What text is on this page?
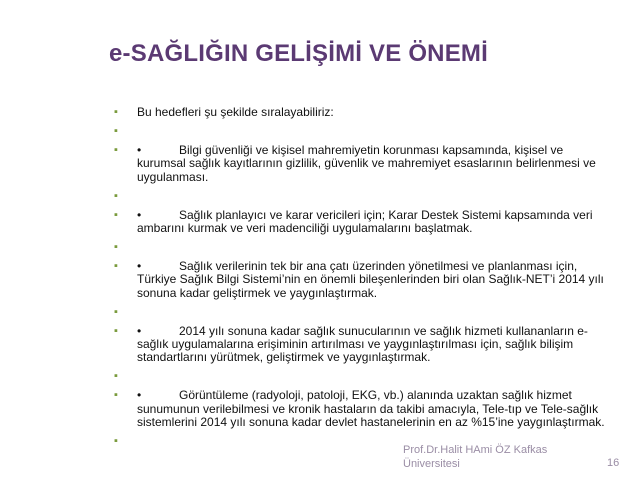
e-SAĞLIĞIN GELİŞİMİ VE ÖNEMİ
▪ Bu hedefleri şu şekilde sıralayabiliriz:
▪
▪ •	Bilgi güvenliği ve kişisel mahremiyetin korunması kapsamında, kişisel ve kurumsal sağlık kayıtlarının gizlilik, güvenlik ve mahremiyet esaslarının belirlenmesi ve uygulanması.
▪
▪ •	Sağlık planlayıcı ve karar vericileri için; Karar Destek Sistemi kapsamında veri ambarını kurmak ve veri madenciliği uygulamalarını başlatmak.
▪
▪ •	Sağlık verilerinin tek bir ana çatı üzerinden yönetilmesi ve planlanması için, Türkiye Sağlık Bilgi Sistemi’nin en önemli bileşenlerinden biri olan Sağlık-NET’i 2014 yılı sonuna kadar geliştirmek ve yaygınlaştırmak.
▪
▪ •	2014 yılı sonuna kadar sağlık sunucularının ve sağlık hizmeti kullananların e-sağlık uygulamalarına erişiminin artırılması ve yaygınlaştırılması için, sağlık bilişim standartlarını yürütmek, geliştirmek ve yaygınlaştırmak.
▪
▪ •	Görüntüleme (radyoloji, patoloji, EKG, vb.) alanında uzaktan sağlık hizmet sunumunun verilebilmesi ve kronik hastaların da takibi amacıyla, Tele-tıp ve Tele-sağlık sistemlerini 2014 yılı sonuna kadar devlet hastanelerinin en az %15’ine yaygınlaştırmak.
▪
Prof.Dr.Halit HAmi ÖZ Kafkas
Üniversitesi	16
